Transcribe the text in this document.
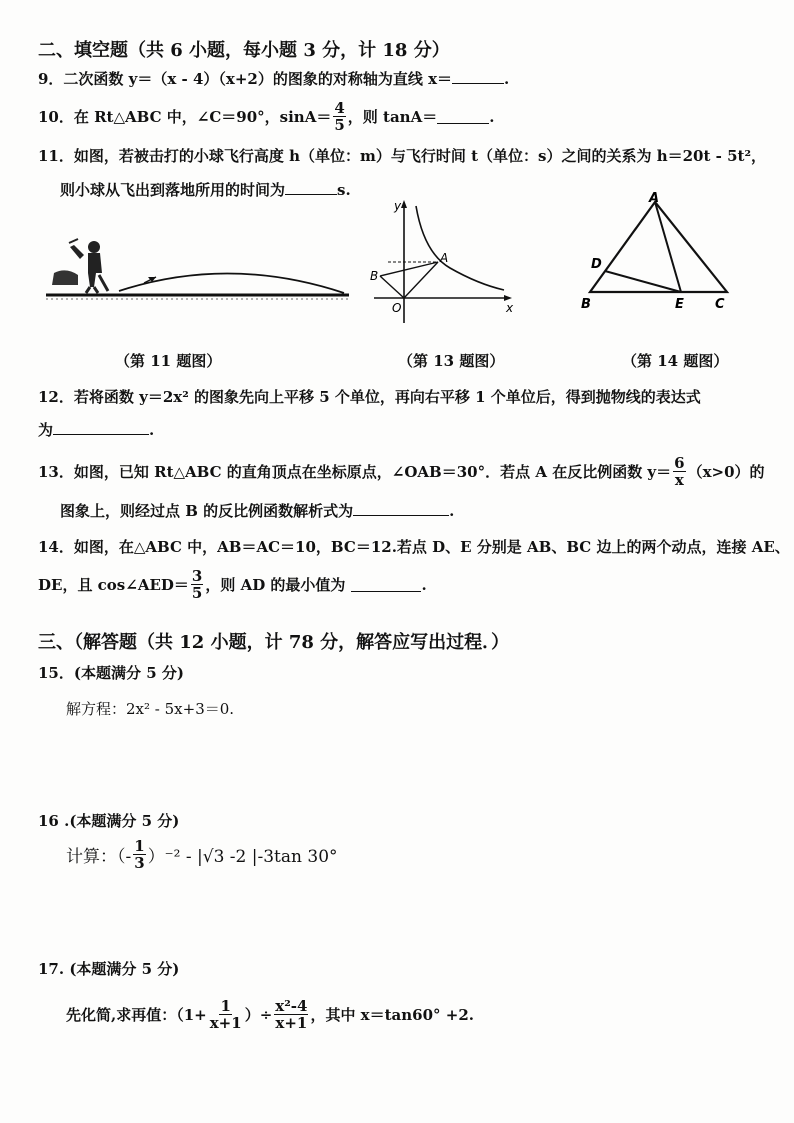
二、填空题（共 6 小题，每小题 3 分，计 18 分）
9．二次函数 y＝（x - 4）（x+2）的图象的对称轴为直线 x＝	.
10．在 Rt△ABC 中，∠C＝90°，$\sin A= \frac{4}{5}$ ，则 tanA＝	.
11．如图，若被击打的小球飞行高度 h（单位：m）与飞行时间 t（单位：s）之间的关系为 h＝20t - 5t²，
则小球从飞出到落地所用的时间为	s.
y
x
O
A
B
A
B	C
D
E
（第 11 题图）	（第 13 题图）	（第 14 题图）
12．若将函数 y＝2x² 的图象先向上平移 5 个单位，再向右平移 1 个单位后，得到抛物线的表达式
为	.
13．如图，已知 Rt△ABC 的直角顶点在坐标原点，∠OAB＝30°．若点 A 在反比例函数 $y= \frac{6}{x} (x>0)$的
图象上，则经过点 B 的反比例函数解析式为	.
14．如图，在△ABC 中，AB＝AC＝10，BC＝12.若点 D、E 分别是 AB、BC 边上的两个动点，连接 AE、
DE，且 cos∠AED＝ $\frac{3}{5}$ ，则 AD 的最小值为	.
三、（解答题（共 12 小题，计 78 分，解答应写出过程．）
15．(本题满分 5 分)
解方程：2x² - 5x+3＝0.
16 .(本题满分 5 分)
计算：（- $\frac{1}{3} )^{-2} - |√3$ -2 |-3tan 30°
17. (本题满分 5 分)
先化简,求再值：（$1+ \frac{1}{x+1}$ ）÷ $\frac{\text{x²-4}}{x+1}$ ，其中 x＝tan60° +2.
